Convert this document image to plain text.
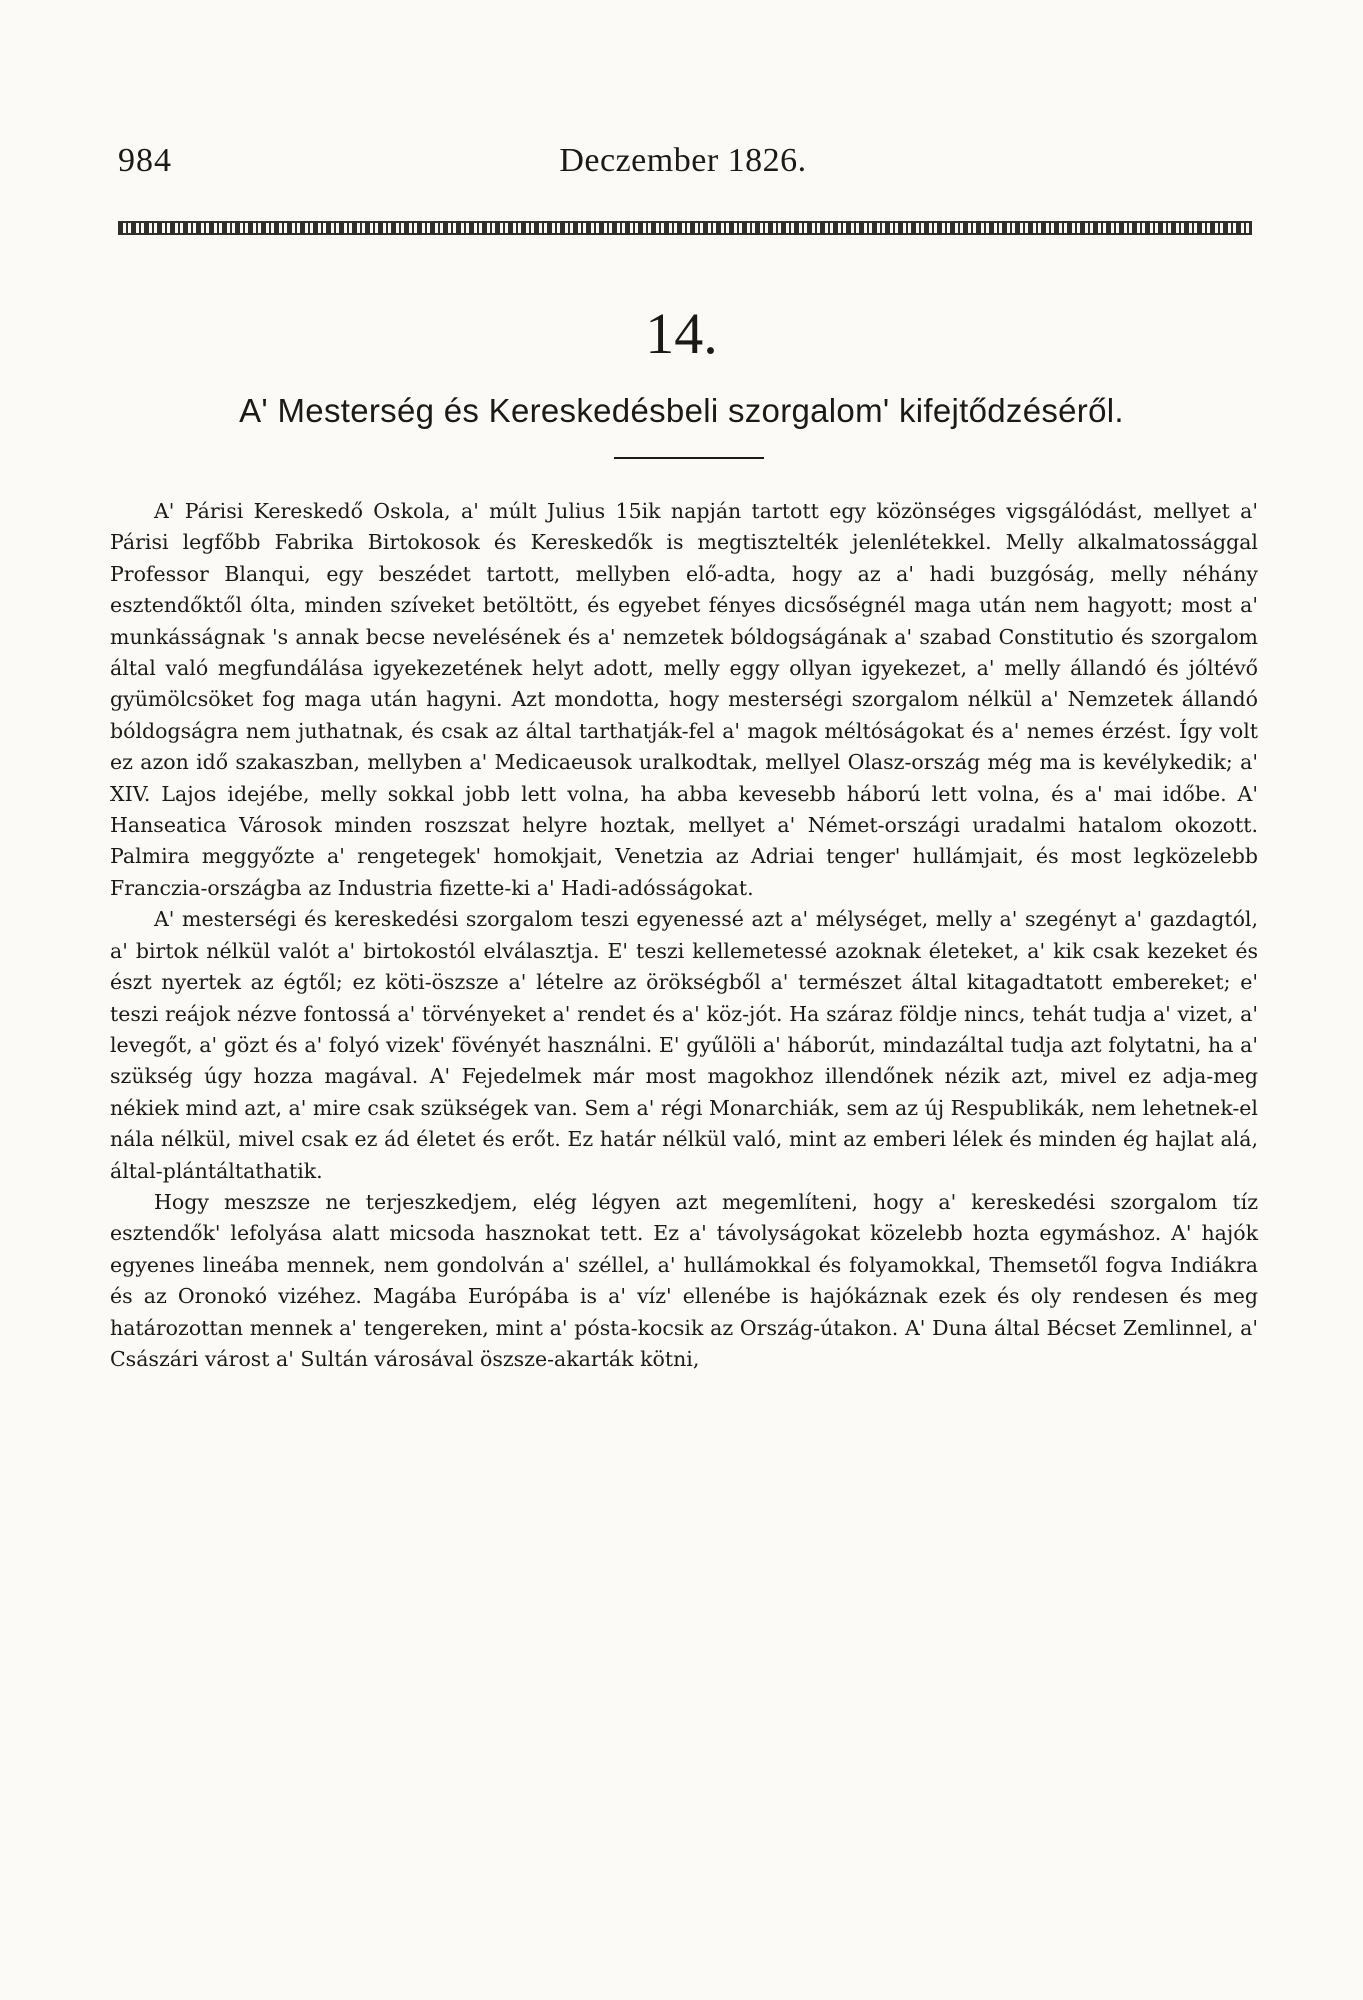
984	Deczember 1826.
14.
A' Mesterség és Kereskedésbeli szorgalom' kifejtődzéséről.

A' Párisi Kereskedő Oskola, a' múlt Julius 15ik napján tartott egy közönséges vigsgálódást, mellyet a' Párisi legfőbb Fabrika Birtokosok és Kereskedők is megtisztelték jelenlétekkel. Melly alkalmatossággal Professor Blanqui, egy beszédet tartott, mellyben elő-adta, hogy az a' hadi buzgóság, melly néhány esztendőktől ólta, minden szíveket betöltött, és egyebet fényes dicsőségnél maga után nem hagyott; most a' munkásságnak 's annak becse nevelésének és a' nemzetek bóldogságának a' szabad Constitutio és szorgalom által való megfundálása igyekezetének helyt adott, melly eggy ollyan igyekezet, a' melly állandó és jóltévő gyümölcsöket fog maga után hagyni. Azt mondotta, hogy mesterségi szorgalom nélkül a' Nemzetek állandó bóldogságra nem juthatnak, és csak az által tarthatják-fel a' magok méltóságokat és a' nemes érzést. Így volt ez azon idő szakaszban, mellyben a' Medicaeusok uralkodtak, mellyel Olasz-ország még ma is kevélykedik; a' XIV. Lajos idejébe, melly sokkal jobb lett volna, ha abba kevesebb háború lett volna, és a' mai időbe. A' Hanseatica Városok minden roszszat helyre hoztak, mellyet a' Német-országi uradalmi hatalom okozott. Palmira meggyőzte a' rengetegek' homokjait, Venetzia az Adriai tenger' hullámjait, és most legközelebb Franczia-országba az Industria fizette-ki a' Hadi-adósságokat.

A' mesterségi és kereskedési szorgalom teszi egyenessé azt a' mélységet, melly a' szegényt a' gazdagtól, a' birtok nélkül valót a' birtokostól elválasztja. E' teszi kellemetessé azoknak életeket, a' kik csak kezeket és észt nyertek az égtől; ez köti-öszsze a' lételre az örökségből a' természet által kitagadtatott embereket; e' teszi reájok nézve fontossá a' törvényeket a' rendet és a' köz-jót. Ha száraz földje nincs, tehát tudja a' vizet, a' levegőt, a' gözt és a' folyó vizek' fövényét használni. E' gyűlöli a' háborút, mindazáltal tudja azt folytatni, ha a' szükség úgy hozza magával. A' Fejedelmek már most magokhoz illendőnek nézik azt, mivel ez adja-meg nékiek mind azt, a' mire csak szükségek van. Sem a' régi Monarchiák, sem az új Respublikák, nem lehetnek-el nála nélkül, mivel csak ez ád életet és erőt. Ez határ nélkül való, mint az emberi lélek és minden ég hajlat alá, által-plántáltathatik.

Hogy meszsze ne terjeszkedjem, elég légyen azt megemlíteni, hogy a' kereskedési szorgalom tíz esztendők' lefolyása alatt micsoda hasznokat tett. Ez a' távolyságokat közelebb hozta egymáshoz. A' hajók egyenes lineába mennek, nem gondolván a' széllel, a' hullámokkal és folyamokkal, Themsetől fogva Indiákra és az Oronokó vizéhez. Magába Európába is a' víz' ellenébe is hajókáznak ezek és oly rendesen és meg határozottan mennek a' tengereken, mint a' pósta-kocsik az Ország-útakon. A' Duna által Bécset Zemlinnel, a' Császári várost a' Sultán városával öszsze-akarták kötni,
